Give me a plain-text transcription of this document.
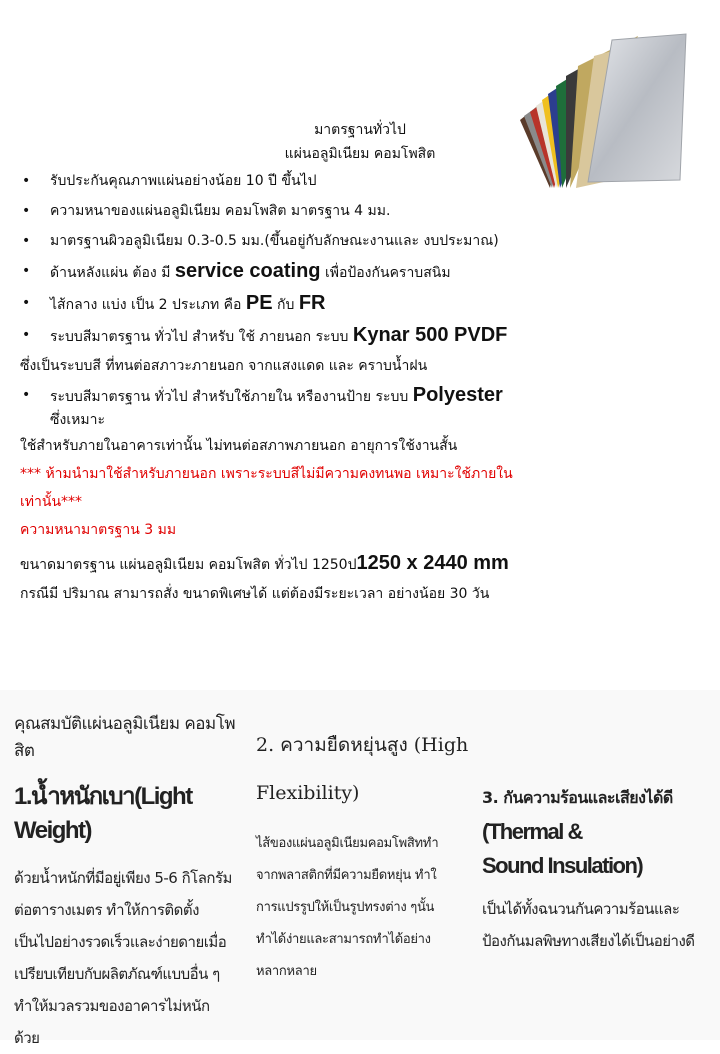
มาตรฐานทั่วไป
แผ่นอลูมิเนียม คอมโพสิต
• รับประกันคุณภาพแผ่นอย่างน้อย 10 ปี ขึ้นไป
• ความหนาของแผ่นอลูมิเนียม คอมโพสิต มาตรฐาน 4 มม.
• มาตรฐานผิวอลูมิเนียม 0.3-0.5 มม.(ขึ้นอยู่กับลักษณะงานและ งบประมาณ)
• ด้านหลังแผ่น ต้อง มี service coating เพื่อป้องกันคราบสนิม
• ไส้กลาง แบ่ง เป็น 2 ประเภท คือ PE กับ FR
• ระบบสีมาตรฐาน ทั่วไป สำหรับ ใช้ ภายนอก ระบบ Kynar 500 PVDF
ซึ่งเป็นระบบสี ที่ทนต่อสภาวะภายนอก จากแสงแดด และ คราบน้ำฝน
• ระบบสีมาตรฐาน ทั่วไป สำหรับใช้ภายใน หรืองานป้าย ระบบ Polyester
ซึ่งเหมาะ
ใช้สำหรับภายในอาคารเท่านั้น ไม่ทนต่อสภาพภายนอก อายุการใช้งานสั้น
*** ห้ามนำมาใช้สำหรับภายนอก เพราะระบบสีไม่มีความคงทนพอ เหมาะใช้ภายใน
เท่านั้น***
ความหนามาตรฐาน 3 มม
ขนาดมาตรฐาน แผ่นอลูมิเนียม คอมโพสิต ทั่วไป 1250ป1250 x 2440 mm
กรณีมี ปริมาณ สามารถสั่ง ขนาดพิเศษได้ แต่ต้องมีระยะเวลา อย่างน้อย 30 วัน
คุณสมบัติแผ่นอลูมิเนียม คอมโพสิต
1.น้ำหนักเบา(Light Weight)
ด้วยน้ำหนักที่มีอยู่เพียง 5-6 กิโลกรัม
ต่อตารางเมตร ทำให้การติดตั้ง
เป็นไปอย่างรวดเร็วและง่ายดายเมื่อ
เปรียบเทียบกับผลิตภัณฑ์แบบอื่น ๆ
ทำให้มวลรวมของอาคารไม่หนัก
ด้วย
2. ความยืดหยุ่นสูง (High
Flexibility)
ไส้ของแผ่นอลูมิเนียมคอมโพสิททำ
จากพลาสติกที่มีความยืดหยุ่น ทำใ
การแปรรูปให้เป็นรูปทรงต่าง ๆนั้น
ทำได้ง่ายและสามารถทำได้อย่าง
หลากหลาย
3. กันความร้อนและเสียงได้ดี
(Thermal &
Sound Insulation)
เป็นได้ทั้งฉนวนกันความร้อนและ
ป้องกันมลพิษทางเสียงได้เป็นอย่างดี
